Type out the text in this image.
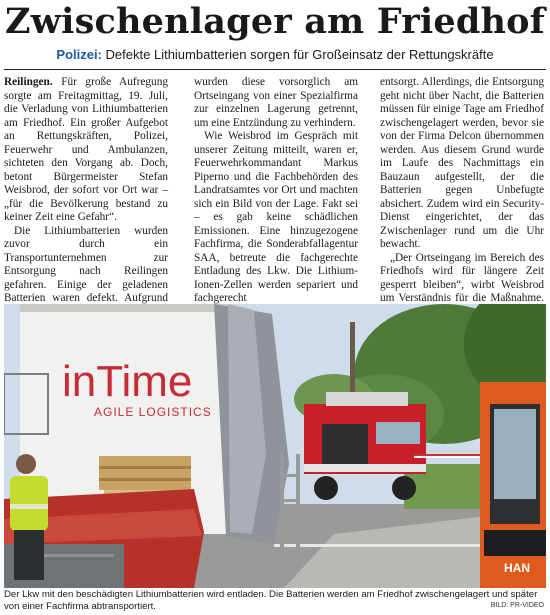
Zwischenlager am Friedhof
Polizei: Defekte Lithiumbatterien sorgen für Großeinsatz der Rettungskräfte

Reilingen. Für große Aufregung sorgte am Freitagmittag, 19. Juli, die Verladung von Lithiumbatterien am Friedhof. Ein großer Aufgebot an Rettungskräften, Polizei, Feuerwehr und Ambulanzen, sichteten den Vorgang ab. Doch, betont Bürgermeister Stefan Weisbrod, der sofort vor Ort war – „für die Bevölkerung bestand zu keiner Zeit eine Gefahr“.

Die Lithiumbatterien wurden zuvor durch ein Transportunternehmen zur Entsorgung nach Reilingen gefahren. Einige der geladenen Batterien waren defekt. Aufgrund

wurden diese vorsorglich am Ortseingang von einer Spezialfirma zur einzelnen Lagerung getrennt, um eine Entzündung zu verhindern.

Wie Weisbrod im Gespräch mit unserer Zeitung mitteilt, waren er, Feuerwehrkommandant Markus Piperno und die Fachbehörden des Landratsamtes vor Ort und machten sich ein Bild von der Lage. Fakt sei – es gab keine schädlichen Emissionen. Eine hinzugezogene Fachfirma, die Sonderabfallagentur SAA, betreute die fachgerechte Entladung des Lkw. Die Lithium-Ionen-Zellen werden separiert und fachgerecht

entsorgt. Allerdings, die Entsorgung geht nicht über Nacht, die Batterien müssen für einige Tage am Friedhof zwischengelagert werden, bevor sie von der Firma Delcon übernommen werden. Aus diesem Grund wurde im Laufe des Nachmittags ein Bauzaun aufgestellt, der die Batterien gegen Unbefugte absichert. Zudem wird ein Security-Dienst eingerichtet, der das Zwischenlager rund um die Uhr bewacht.

„Der Ortseingang im Bereich des Friedhofs wird für längere Zeit gesperrt bleiben“, wirbt Weisbrod um Verständnis für die Maßnahme.

inTime
AGILE LOGISTICS
HAN
Der Lkw mit den beschädigten Lithiumbatterien wird entladen. Die Batterien werden am Friedhof zwischengelagert und später von einer Fachfirma abtransportiert.	BILD: PR-VIDEO
